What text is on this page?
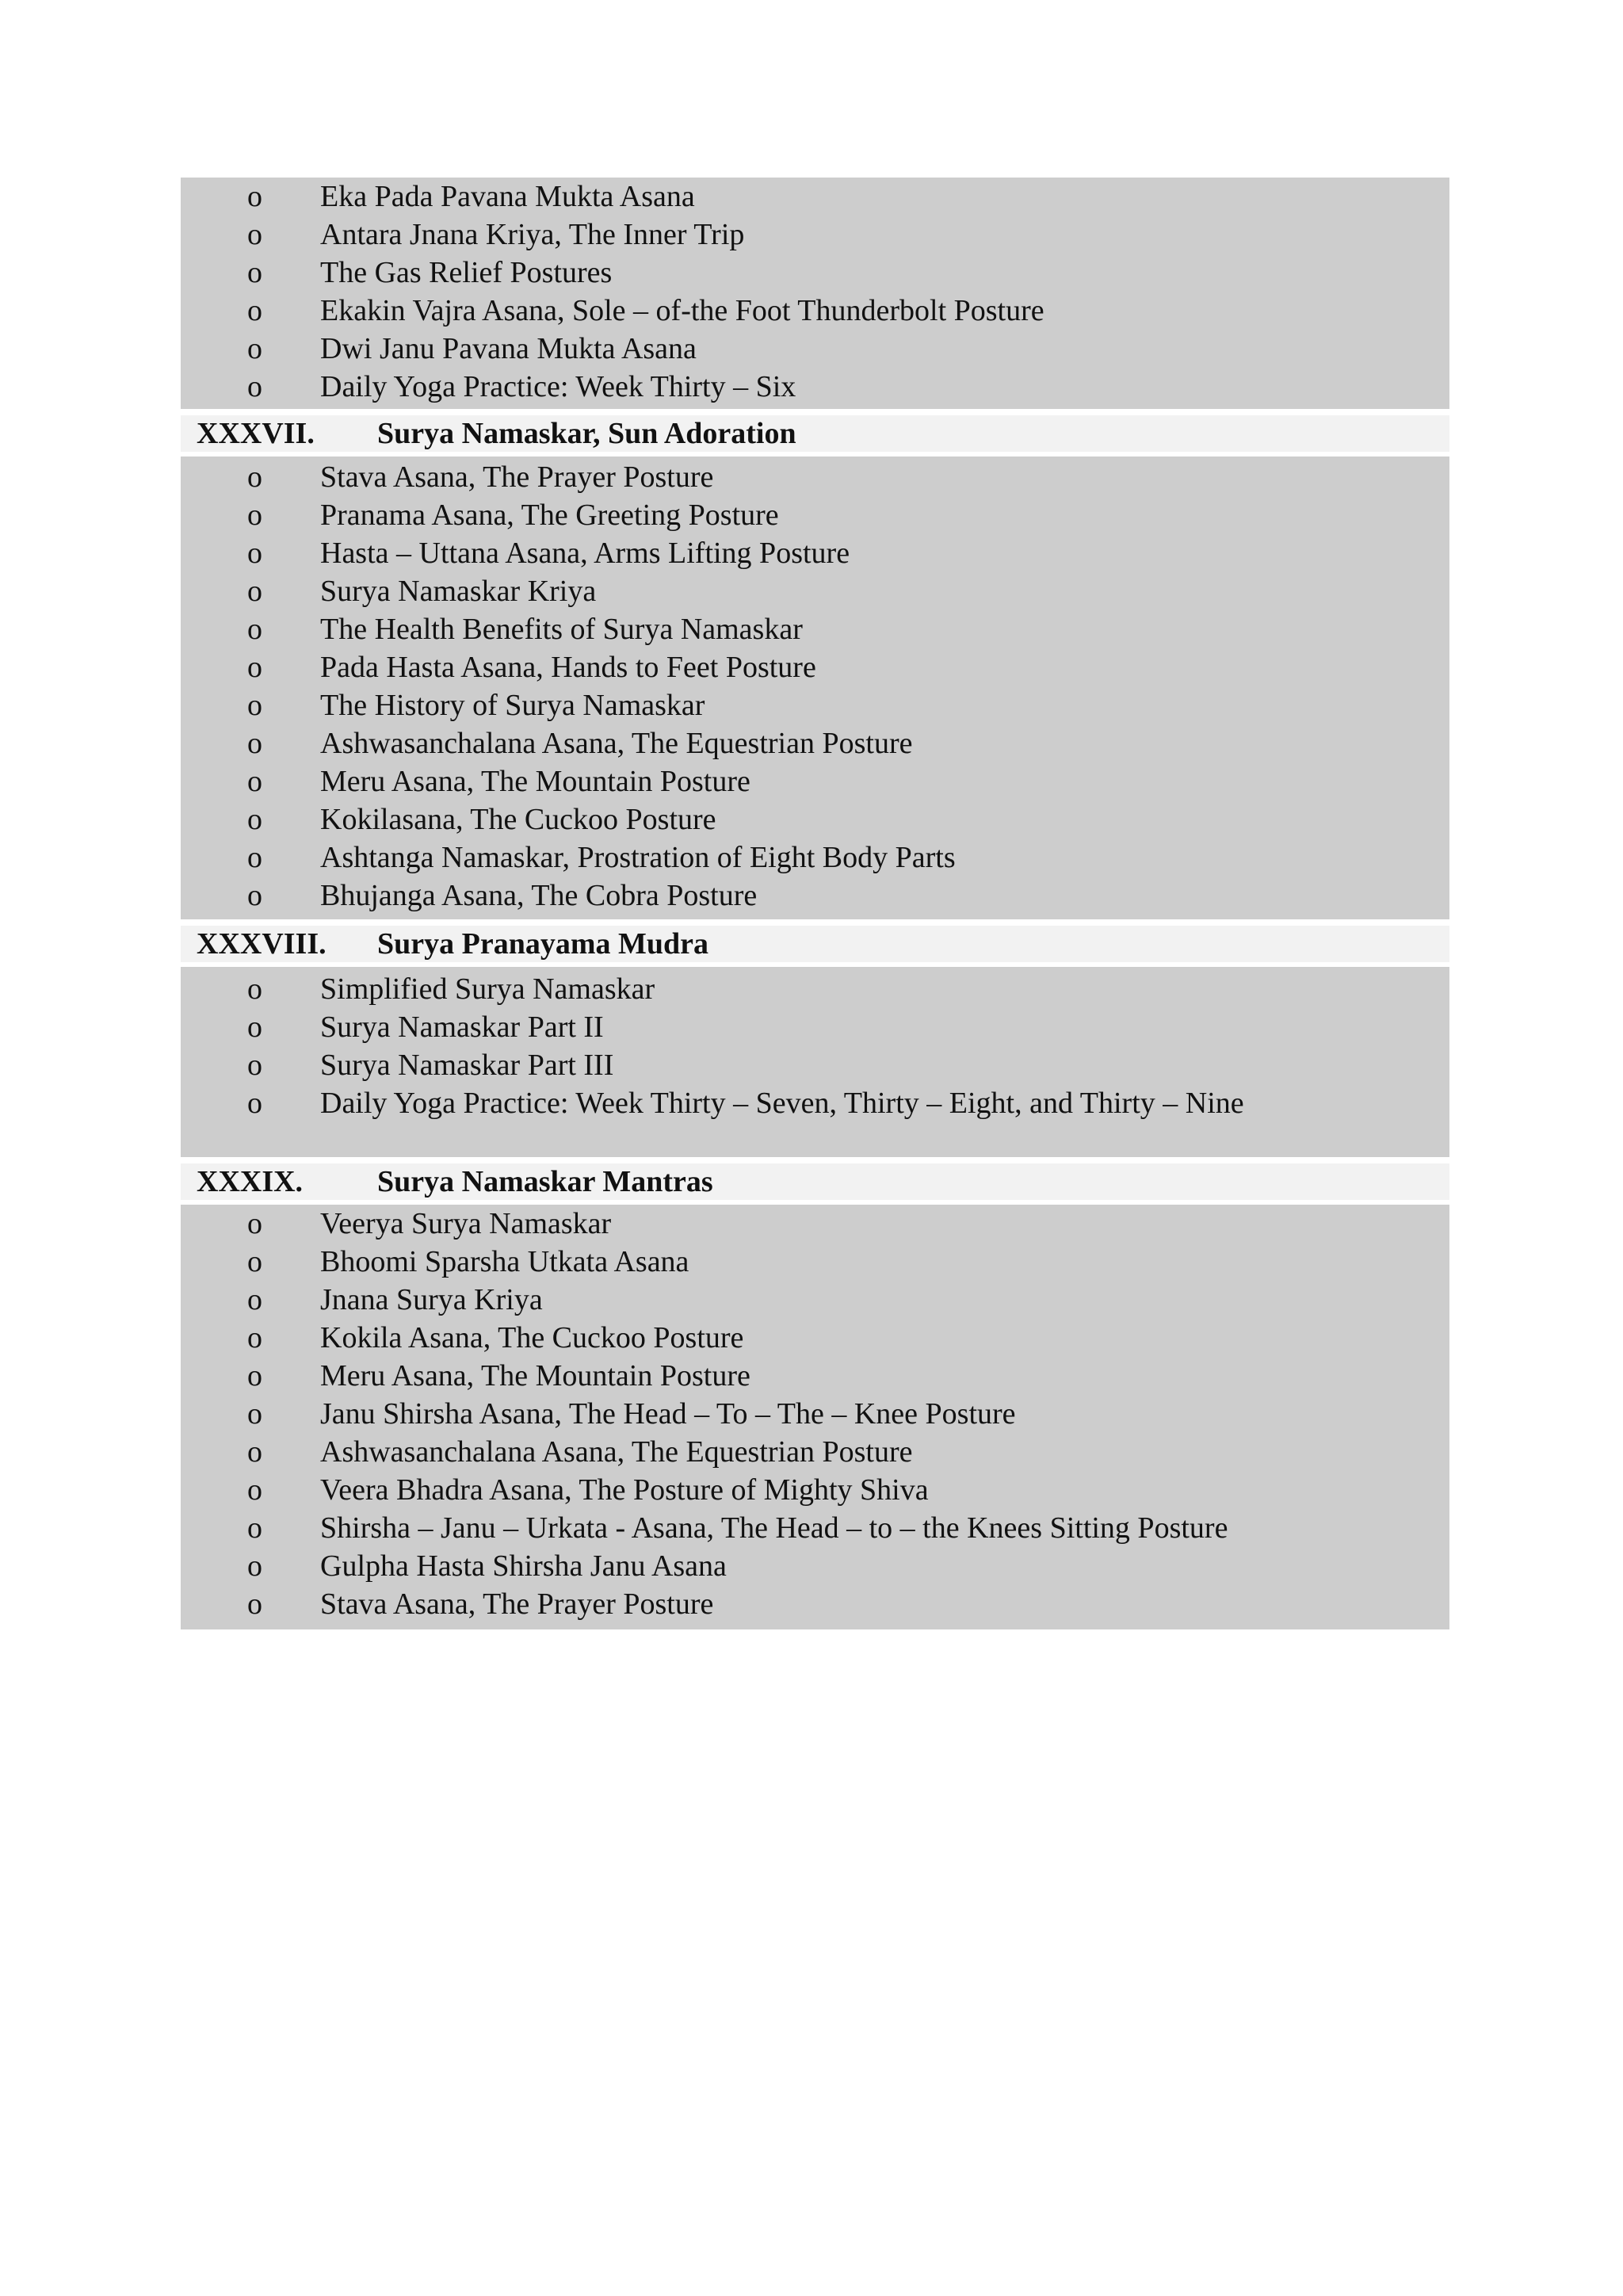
o	Eka Pada Pavana Mukta Asana
o	Antara Jnana Kriya, The Inner Trip
o	The Gas Relief Postures
o	Ekakin Vajra Asana, Sole – of-the Foot Thunderbolt Posture
o	Dwi Janu Pavana Mukta Asana
o	Daily Yoga Practice: Week Thirty – Six
XXXVII.	Surya Namaskar, Sun Adoration
o	Stava Asana, The Prayer Posture
o	Pranama Asana, The Greeting Posture
o	Hasta – Uttana Asana, Arms Lifting Posture
o	Surya Namaskar Kriya
o	The Health Benefits of Surya Namaskar
o	Pada Hasta Asana, Hands to Feet Posture
o	The History of Surya Namaskar
o	Ashwasanchalana Asana, The Equestrian Posture
o	Meru Asana, The Mountain Posture
o	Kokilasana, The Cuckoo Posture
o	Ashtanga Namaskar, Prostration of Eight Body Parts
o	Bhujanga Asana, The Cobra Posture
XXXVIII.	Surya Pranayama Mudra
o	Simplified Surya Namaskar
o	Surya Namaskar Part II
o	Surya Namaskar Part III
o	Daily Yoga Practice: Week Thirty – Seven, Thirty – Eight, and Thirty – Nine
XXXIX.	Surya Namaskar Mantras
o	Veerya Surya Namaskar
o	Bhoomi Sparsha Utkata Asana
o	Jnana Surya Kriya
o	Kokila Asana, The Cuckoo Posture
o	Meru Asana, The Mountain Posture
o	Janu Shirsha Asana, The Head – To – The – Knee Posture
o	Ashwasanchalana Asana, The Equestrian Posture
o	Veera Bhadra Asana, The Posture of Mighty Shiva
o	Shirsha – Janu – Urkata - Asana, The Head – to – the Knees Sitting Posture
o	Gulpha Hasta Shirsha Janu Asana
o	Stava Asana, The Prayer Posture
